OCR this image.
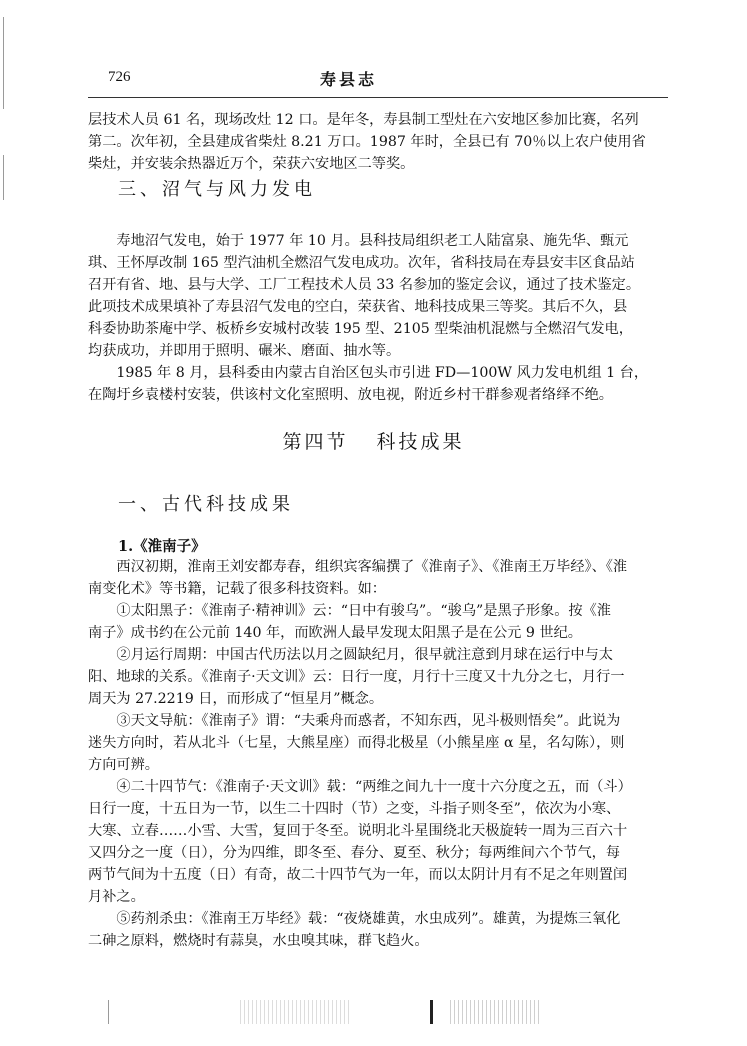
726	寿县志
层技术人员 61 名，现场改灶 12 口。是年冬，寿县制工型灶在六安地区参加比赛，名列
第二。次年初，全县建成省柴灶 8.21 万口。1987 年时，全县已有 70％以上农户使用省
柴灶，并安装余热器近万个，荣获六安地区二等奖。
三、沼气与风力发电
　　寿地沼气发电，始于 1977 年 10 月。县科技局组织老工人陆富泉、施先华、甄元
琪、王怀厚改制 165 型汽油机全燃沼气发电成功。次年，省科技局在寿县安丰区食品站
召开有省、地、县与大学、工厂工程技术人员 33 名参加的鉴定会议，通过了技术鉴定。
此项技术成果填补了寿县沼气发电的空白，荣获省、地科技成果三等奖。其后不久，县
科委协助茶庵中学、板桥乡安城村改装 195 型、2105 型柴油机混燃与全燃沼气发电，
均获成功，并即用于照明、碾米、磨面、抽水等。
　　1985 年 8 月，县科委由内蒙古自治区包头市引进 FD—100W 风力发电机组 1 台，
在陶圩乡袁楼村安装，供该村文化室照明、放电视，附近乡村干群参观者络绎不绝。
第四节 科技成果
一、古代科技成果
1.《淮南子》
　　西汉初期，淮南王刘安都寿春，组织宾客编撰了《淮南子》、《淮南王万毕经》、《淮
南变化术》等书籍，记载了很多科技资料。如：
　　①太阳黑子：《淮南子·精神训》云：“日中有骏乌”。“骏乌”是黑子形象。按《淮
南子》成书约在公元前 140 年，而欧洲人最早发现太阳黑子是在公元 9 世纪。
　　②月运行周期：中国古代历法以月之圆缺纪月，很早就注意到月球在运行中与太
阳、地球的关系。《淮南子·天文训》云：日行一度，月行十三度又十九分之七，月行一
周天为 27.2219 日，而形成了“恒星月”概念。
　　③天文导航：《淮南子》谓：“夫乘舟而惑者，不知东西，见斗极则悟矣”。此说为
迷失方向时，若从北斗（七星，大熊星座）而得北极星（小熊星座 α 星，名勾陈），则
方向可辨。
　　④二十四节气：《淮南子·天文训》载：“两维之间九十一度十六分度之五，而（斗）
日行一度，十五日为一节，以生二十四时（节）之变，斗指子则冬至”，依次为小寒、
大寒、立春……小雪、大雪，复回于冬至。说明北斗星围绕北天极旋转一周为三百六十
又四分之一度（日），分为四维，即冬至、春分、夏至、秋分；每两维间六个节气，每
两节气间为十五度（日）有奇，故二十四节气为一年，而以太阴计月有不足之年则置闰
月补之。
　　⑤药剂杀虫：《淮南王万毕经》载：“夜烧雄黄，水虫成列”。雄黄，为提炼三氧化
二砷之原料，燃烧时有蒜臭，水虫嗅其味，群飞趋火。
